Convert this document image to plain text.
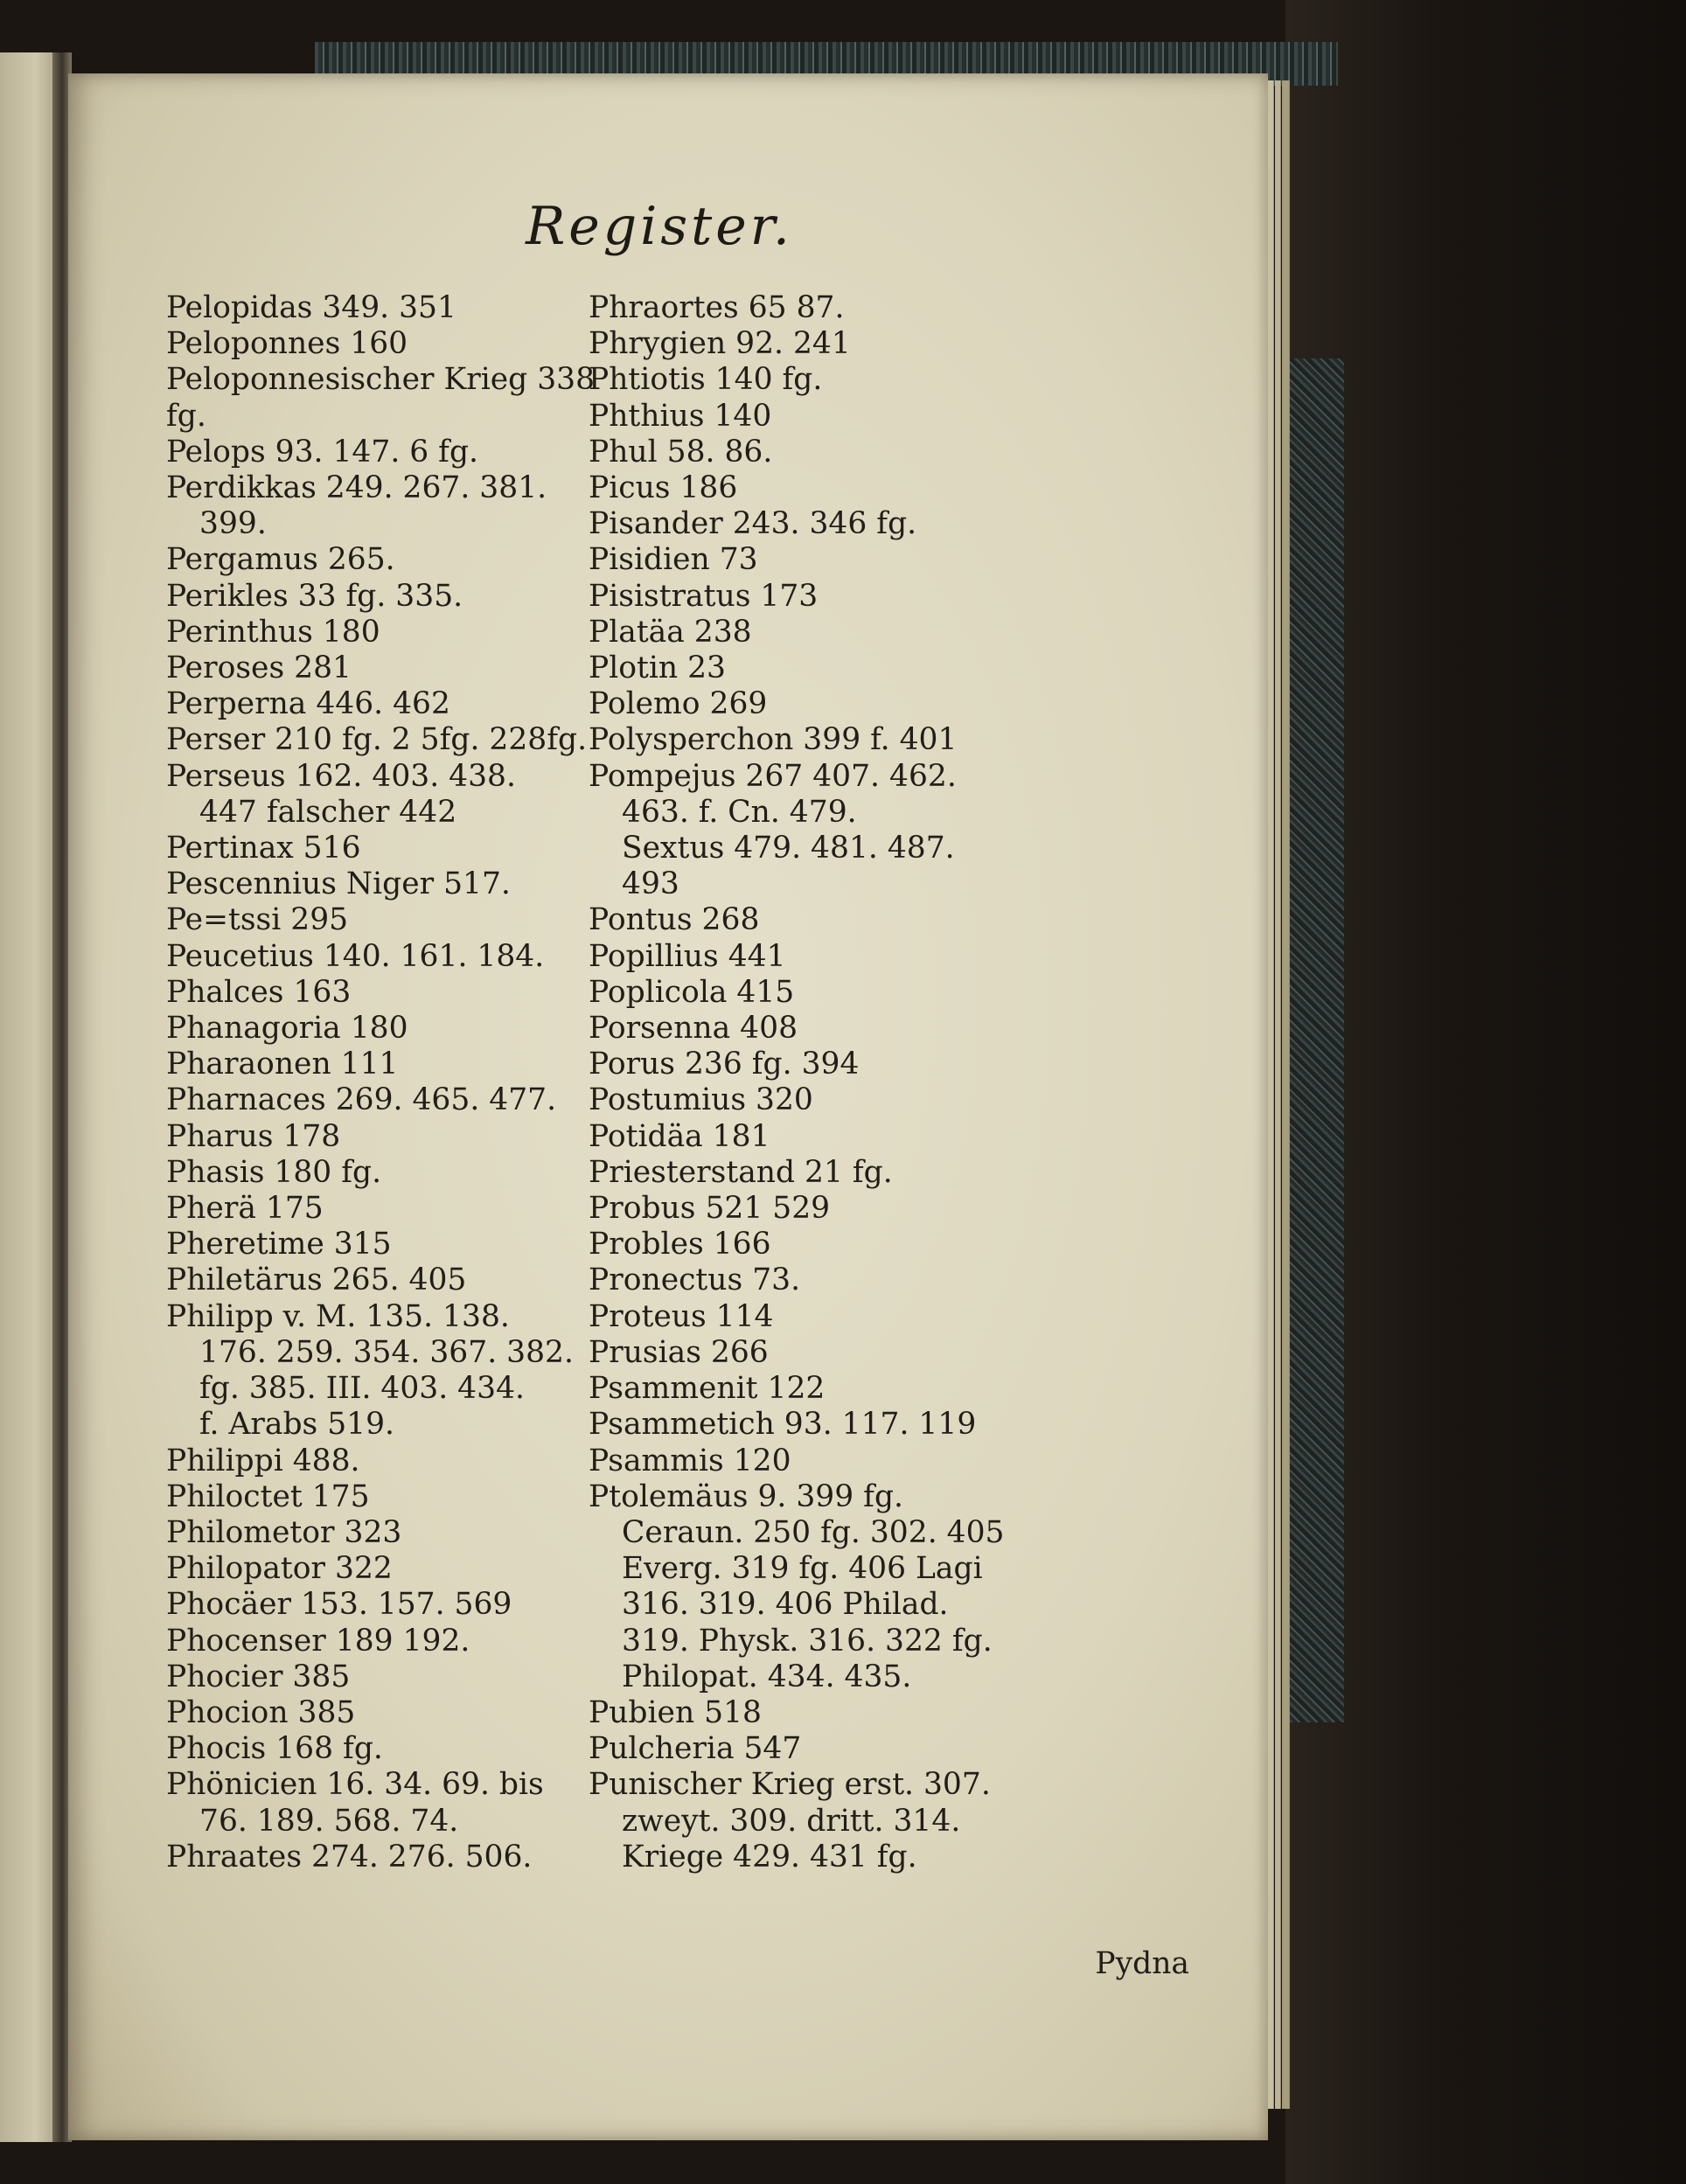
Register.
Pelopidas 349. 351
Peloponnes 160
Peloponnesischer Krieg 338
fg.
Pelops 93. 147. 6 fg.
Perdikkas 249. 267. 381.
399.
Pergamus 265.
Perikles 33 fg. 335.
Perinthus 180
Peroses 281
Perperna 446. 462
Perser 210 fg. 2 5fg. 228fg.
Perseus 162. 403. 438.
447 falscher 442
Pertinax 516
Pescennius Niger 517.
Pe=tssi 295
Peucetius 140. 161. 184.
Phalces 163
Phanagoria 180
Pharaonen 111
Pharnaces 269. 465. 477.
Pharus 178
Phasis 180 fg.
Pherä 175
Pheretime 315
Philetärus 265. 405
Philipp v. M. 135. 138.
176. 259. 354. 367. 382.
fg. 385. III. 403. 434.
f. Arabs 519.
Philippi 488.
Philoctet 175
Philometor 323
Philopator 322
Phocäer 153. 157. 569
Phocenser 189 192.
Phocier 385
Phocion 385
Phocis 168 fg.
Phönicien 16. 34. 69. bis
76. 189. 568. 74.
Phraates 274. 276. 506.
Phraortes 65 87.
Phrygien 92. 241
Phtiotis 140 fg.
Phthius 140
Phul 58. 86.
Picus 186
Pisander 243. 346 fg.
Pisidien 73
Pisistratus 173
Platäa 238
Plotin 23
Polemo 269
Polysperchon 399 f. 401
Pompejus 267 407. 462.
463. f. Cn. 479.
Sextus 479. 481. 487.
493
Pontus 268
Popillius 441
Poplicola 415
Porsenna 408
Porus 236 fg. 394
Postumius 320
Potidäa 181
Priesterstand 21 fg.
Probus 521 529
Probles 166
Pronectus 73.
Proteus 114
Prusias 266
Psammenit 122
Psammetich 93. 117. 119
Psammis 120
Ptolemäus 9. 399 fg.
Ceraun. 250 fg. 302. 405
Everg. 319 fg. 406 Lagi
316. 319. 406 Philad.
319. Physk. 316. 322 fg.
Philopat. 434. 435.
Pubien 518
Pulcheria 547
Punischer Krieg erst. 307.
zweyt. 309. dritt. 314.
Kriege 429. 431 fg.
Pydna
